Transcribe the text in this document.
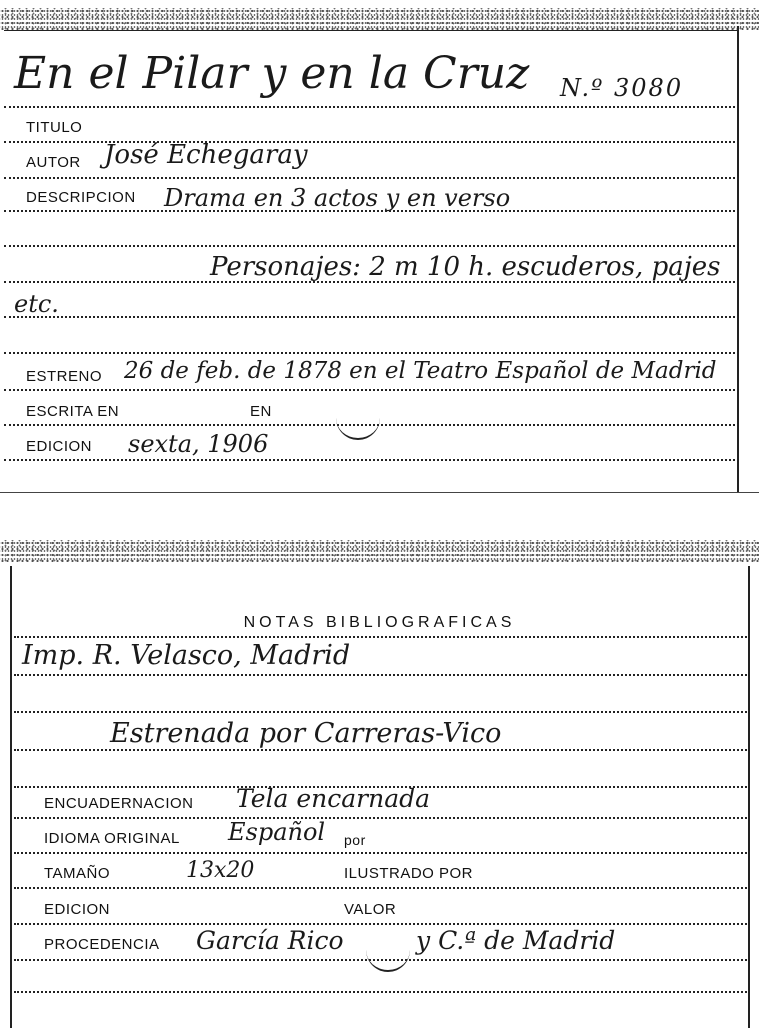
En el Pilar y en la Cruz N.º 3080
TITULO
AUTOR José Echegaray
DESCRIPCION Drama en 3 actos y en verso
Personajes: 2 m 10 h. escuderos, pajes
etc.
ESTRENO 26 de feb. de 1878 en el Teatro Español de Madrid
ESCRITA EN	EN
EDICION sexta, 1906
NOTAS BIBLIOGRAFICAS
Imp. R. Velasco, Madrid
Estrenada por Carreras-Vico
ENCUADERNACION Tela encarnada
IDIOMA ORIGINAL Español por
TAMAÑO	13x20	ILUSTRADO POR
EDICION	VALOR
PROCEDENCIA García Rico	y C.ª de Madrid
